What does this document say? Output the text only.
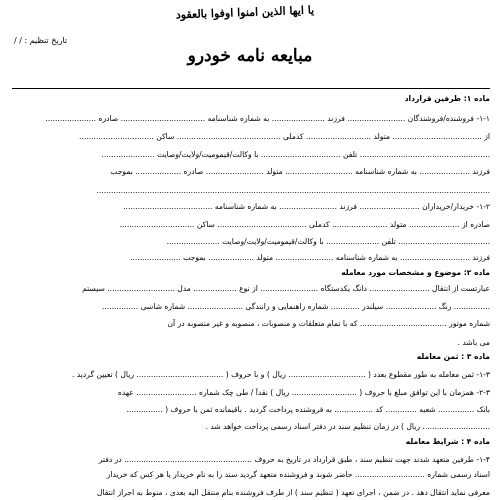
يا ايها الذين امنوا اوفوا بالعقود
تاريخ تنظيم : / /
مبايعه نامه خودرو
ماده ۱: طرفين قرارداد
۱-۱- فروشنده/فروشندگان ........................ فرزند ...................... به شماره شناسنامه ................................... صادره .....................
از ..................................... متولد ........................... کدملی ........................................... ساکن ...............................
...................................................... تلفن ................................. با وکالت/قیمومیت/ولایت/وصایت ......................
فرزند ..................... به شماره شناسنامه ............................ متولد ........................ صادره ................... بموجب
...................................................................................................................................................................
۱-۲- خریدار/خریداران ......................... فرزند ........................ به شماره شناسنامه .....................................
صادره از ..................... متولد ....................... کدملی ..................................... ساکن ...............................
...................................... تلفن ...................... با وکالت/قیمومیت/ولایت/وصایت ......................
فرزند ............................. به شماره شناسنامه ........................ متولد ................... بموجب .....................
ماده ۲: موضوع و مشخصات مورد معامله
عبارتست از انتقال ......................... دانگ یکدستگاه ........................ از نوع .................. مدل ............................ سیستم
............... رنگ ..................... سیلندر ............ شماره راهنمایی و رانندگی ....................... شماره شاسی ...............
شماره موتور .................................... که با تمام متعلقات و منصوبات ، منصوبه و غیر منصوبه در آن
می باشد .
ماده ۳ : ثمن معامله
۱-۳- ثمن معامله به طور مقطوع بعدد ( ................................ ریال ) و با حروف ( .................................... ریال ) تعیین گردید .
۲-۳- همزمان با این توافق مبلغ با حروف ( ........................... ریال ) نقداً / طی چک شماره ......................... عهده
بانک ............... شعبه ............. کد ................ به فروشنده پرداخت گردید . باقیمانده ثمن با حروف ( ...............
............................ ریال ) در زمان تنظیم سند در دفتر اسناد رسمی پرداخت خواهد شد .
ماده ۴ : شرایط معامله
۱-۴- طرفین متعهد شدند جهت تنظیم سند ، طبق قرارداد در تاریخ به حروف ..................................................... در دفتر
اسناد رسمی شماره ............................. حاضر شوند و فروشنده متعهد گردید سند را به نام خریدار یا هر کس که خریدار
معرفی نماید انتقال دهد . در ضمن ، اجرای تعهد ( تنظیم سند ) از طرف فروشنده بنام منتقل الیه بعدی ، منوط به اجراز انتقال
